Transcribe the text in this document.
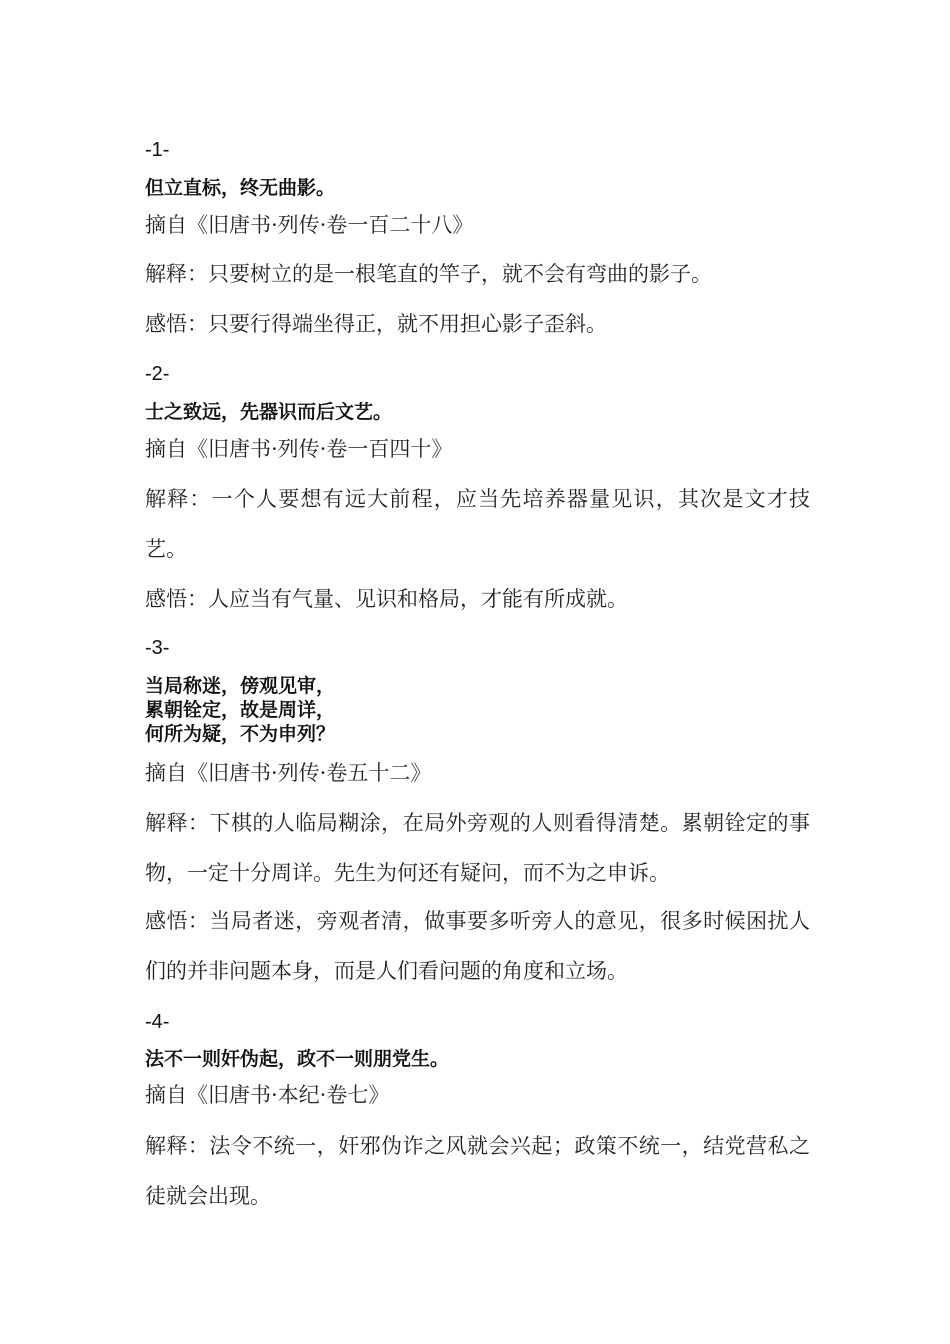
-1-
但立直标，终无曲影。
摘自《旧唐书·列传·卷一百二十八》
解释：只要树立的是一根笔直的竿子，就不会有弯曲的影子。
感悟：只要行得端坐得正，就不用担心影子歪斜。
-2-
士之致远，先器识而后文艺。
摘自《旧唐书·列传·卷一百四十》
解释：一个人要想有远大前程，应当先培养器量见识，其次是文才技艺。
感悟：人应当有气量、见识和格局，才能有所成就。
-3-
当局称迷，傍观见审，
累朝铨定，故是周详，
何所为疑，不为申列？
摘自《旧唐书·列传·卷五十二》
解释：下棋的人临局糊涂，在局外旁观的人则看得清楚。累朝铨定的事物，一定十分周详。先生为何还有疑问，而不为之申诉。
感悟：当局者迷，旁观者清，做事要多听旁人的意见，很多时候困扰人们的并非问题本身，而是人们看问题的角度和立场。
-4-
法不一则奸伪起，政不一则朋党生。
摘自《旧唐书·本纪·卷七》
解释：法令不统一，奸邪伪诈之风就会兴起；政策不统一，结党营私之徒就会出现。
